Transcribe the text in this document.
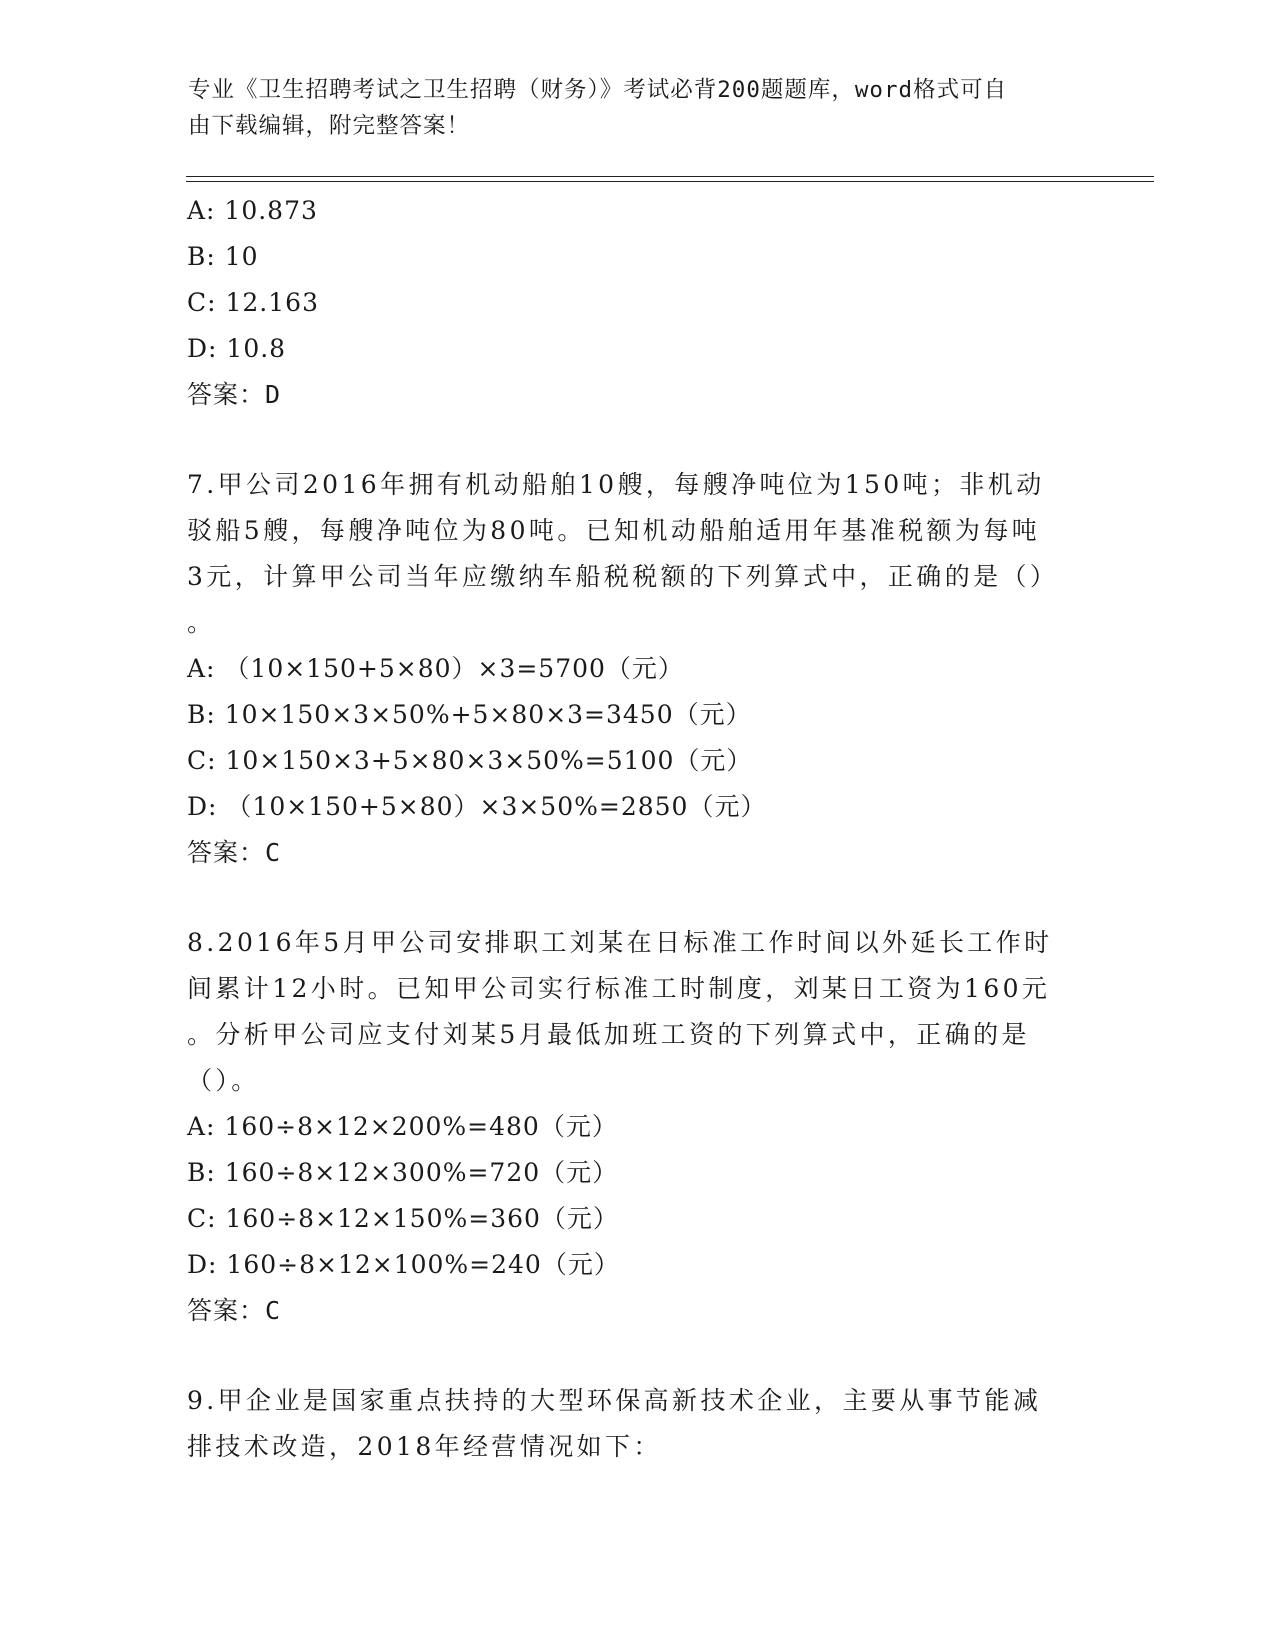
专业《卫生招聘考试之卫生招聘（财务）》考试必背200题题库，word格式可自
由下载编辑，附完整答案！
A: 10.873
B: 10
C: 12.163
D: 10.8
答案：D
7.甲公司2016年拥有机动船舶10艘，每艘净吨位为150吨；非机动
驳船5艘，每艘净吨位为80吨。已知机动船舶适用年基准税额为每吨
3元，计算甲公司当年应缴纳车船税税额的下列算式中，正确的是（）
。
A: （10×150+5×80）×3=5700（元）
B: 10×150×3×50%+5×80×3=3450（元）
C: 10×150×3+5×80×3×50%=5100（元）
D: （10×150+5×80）×3×50%=2850（元）
答案：C
8.2016年5月甲公司安排职工刘某在日标准工作时间以外延长工作时
间累计12小时。已知甲公司实行标准工时制度，刘某日工资为160元
。分析甲公司应支付刘某5月最低加班工资的下列算式中，正确的是
（）。
A: 160÷8×12×200%=480（元）
B: 160÷8×12×300%=720（元）
C: 160÷8×12×150%=360（元）
D: 160÷8×12×100%=240（元）
答案：C
9.甲企业是国家重点扶持的大型环保高新技术企业，主要从事节能减
排技术改造，2018年经营情况如下：
